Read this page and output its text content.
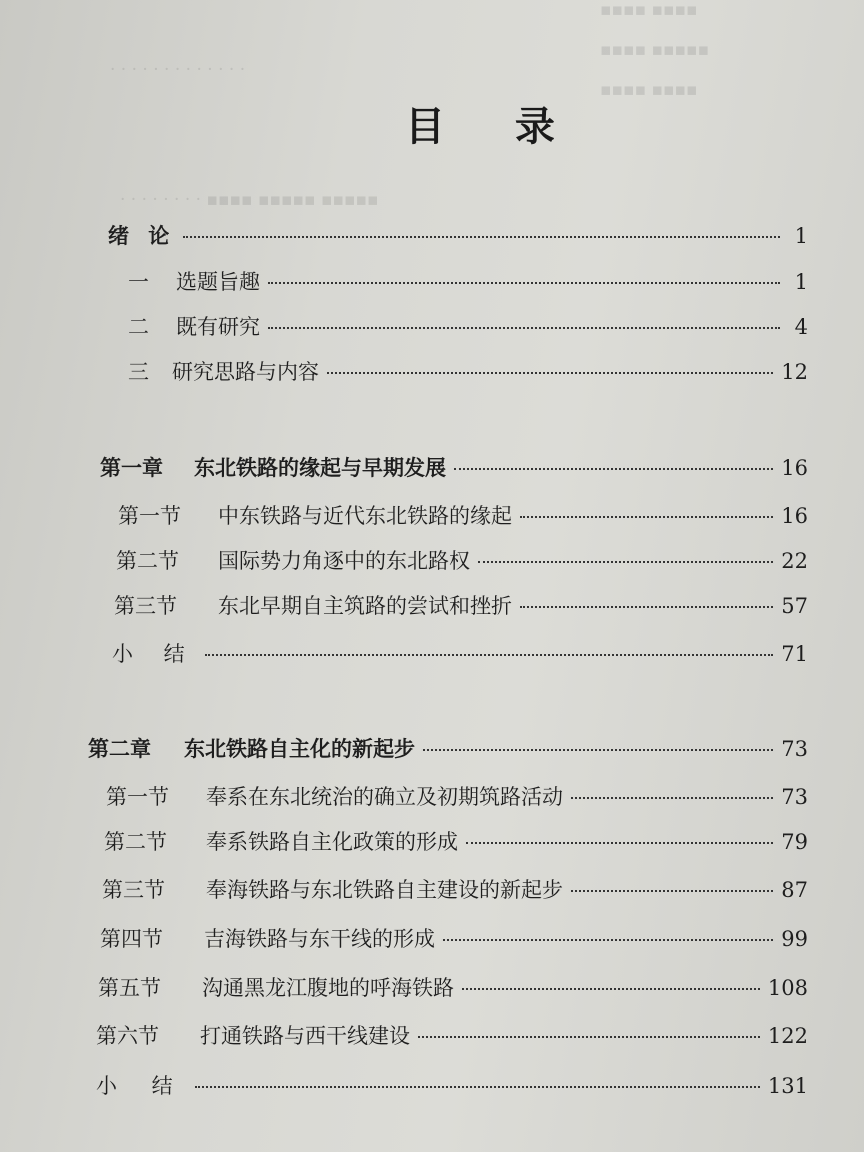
▪▪▪▪ ▪▪▪▪
▪▪▪▪ ▪▪▪▪▪
▪▪▪▪ ▪▪▪▪
· · · · · · · · · · · · ·
· · · · · · · · ▪▪▪▪ ▪▪▪▪▪ ▪▪▪▪▪
目 录
绪 论	1
一	选题旨趣	1
二	既有研究	4
三	研究思路与内容	12
第一章	东北铁路的缘起与早期发展	16
第一节	中东铁路与近代东北铁路的缘起	16
第二节	国际势力角逐中的东北路权	22
第三节	东北早期自主筑路的尝试和挫折	57
小 结	71
第二章	东北铁路自主化的新起步	73
第一节	奉系在东北统治的确立及初期筑路活动	73
第二节	奉系铁路自主化政策的形成	79
第三节	奉海铁路与东北铁路自主建设的新起步	87
第四节	吉海铁路与东干线的形成	99
第五节	沟通黑龙江腹地的呼海铁路	108
第六节	打通铁路与西干线建设	122
小 结	131
